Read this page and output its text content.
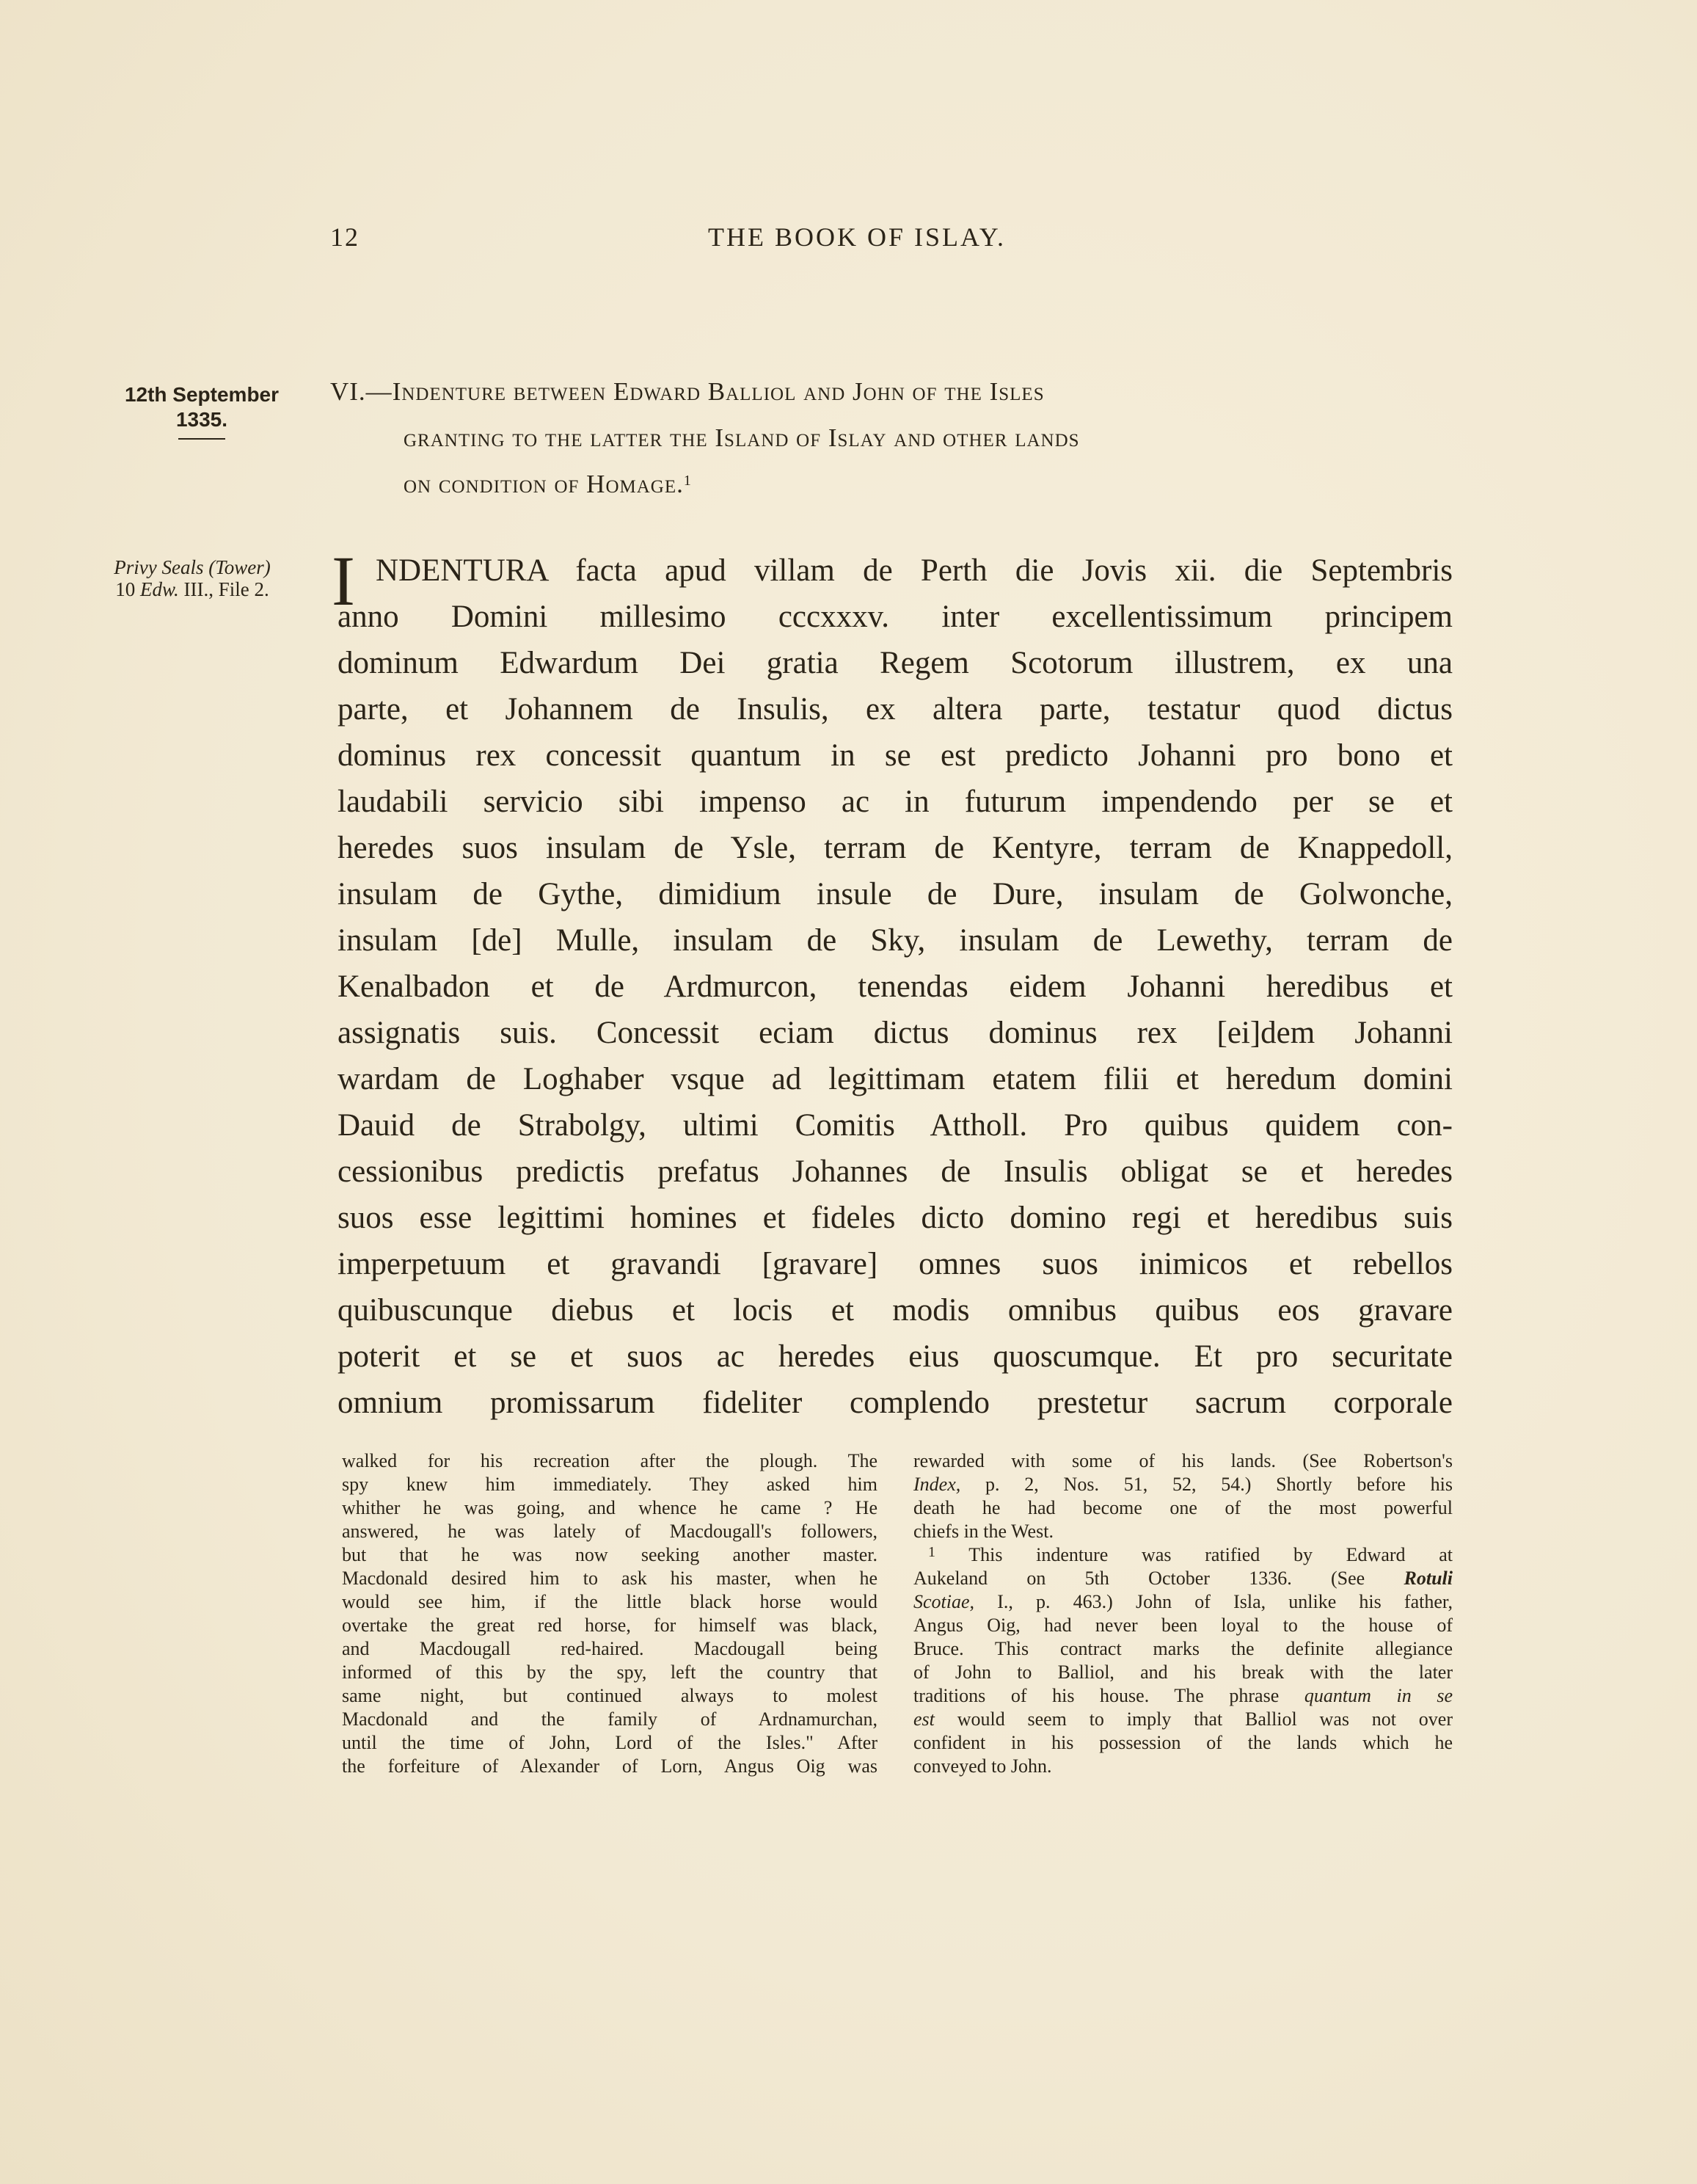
12	THE BOOK OF ISLAY.
12th September
1335.
Privy Seals (Tower)
10 Edw. III., File 2.
VI.—Indenture between Edward Balliol and John of the Isles
granting to the latter the Island of Islay and other lands
on condition of Homage.$^1$
I NDENTURA facta apud villam de Perth die Jovis xii. die Septembris
anno Domini millesimo cccxxxv. inter excellentissimum principem
dominum Edwardum Dei gratia Regem Scotorum illustrem, ex una
parte, et Johannem de Insulis, ex altera parte, testatur quod dictus
dominus rex concessit quantum in se est predicto Johanni pro bono et
laudabili servicio sibi impenso ac in futurum impendendo per se et
heredes suos insulam de Ysle, terram de Kentyre, terram de Knappedoll,
insulam de Gythe, dimidium insule de Dure, insulam de Golwonche,
insulam [de] Mulle, insulam de Sky, insulam de Lewethy, terram de
Kenalbadon et de Ardmurcon, tenendas eidem Johanni heredibus et
assignatis suis. Concessit eciam dictus dominus rex [ei]dem Johanni
wardam de Loghaber vsque ad legittimam etatem filii et heredum domini
Dauid de Strabolgy, ultimi Comitis Attholl. Pro quibus quidem con-
cessionibus predictis prefatus Johannes de Insulis obligat se et heredes
suos esse legittimi homines et fideles dicto domino regi et heredibus suis
imperpetuum et gravandi [gravare] omnes suos inimicos et rebellos
quibuscunque diebus et locis et modis omnibus quibus eos gravare
poterit et se et suos ac heredes eius quoscumque. Et pro securitate
omnium promissarum fideliter complendo prestetur sacrum corporale
walked for his recreation after the plough. The
spy knew him immediately. They asked him
whither he was going, and whence he came ? He
answered, he was lately of Macdougall's followers,
but that he was now seeking another master.
Macdonald desired him to ask his master, when he
would see him, if the little black horse would
overtake the great red horse, for himself was black,
and Macdougall red-haired. Macdougall being
informed of this by the spy, left the country that
same night, but continued always to molest
Macdonald and the family of Ardnamurchan,
until the time of John, Lord of the Isles." After
the forfeiture of Alexander of Lorn, Angus Oig was
rewarded with some of his lands. (See Robertson's
Index, p. 2, Nos. 51, 52, 54.) Shortly before his
death he had become one of the most powerful
chiefs in the West.
$^1$ This indenture was ratified by Edward at
Aukeland on 5th October 1336. (See Rotuli
Scotiae, I., p. 463.) John of Isla, unlike his father,
Angus Oig, had never been loyal to the house of
Bruce. This contract marks the definite allegiance
of John to Balliol, and his break with the later
traditions of his house. The phrase quantum in se
est would seem to imply that Balliol was not over
confident in his possession of the lands which he
conveyed to John.
